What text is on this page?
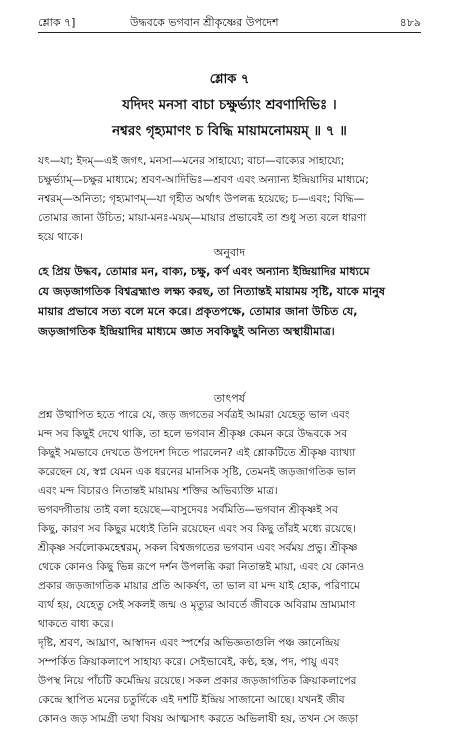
শ্লোক ৭]	উদ্ধবকে ভগবান শ্রীকৃষ্ণের উপদেশ	৪৮৯
শ্লোক ৭
যদিদং মনসা বাচা চক্ষুর্ভ্যাং শ্রবণাদিভিঃ ।
নশ্বরং গৃহ্যমাণং চ বিদ্ধি মায়ামনোময়ম্ ॥ ৭ ॥
যৎ—যা; ইদম্—এই জগৎ, মনসা—মনের সাহায্যে; বাচা—বাক্যের সাহায্যে;
চক্ষুর্ভ্যাম্—চক্ষুর মাধ্যমে; শ্রবণ-আদিভিঃ—শ্রবণ এবং অন্যান্য ইন্দ্রিয়াদির মাধ্যমে;
নশ্বরম্—অনিত্য; গৃহ্যমাণম্—যা গৃহীত অর্থাৎ উপলব্ধ হয়েছে; চ—এবং; বিদ্ধি—
তোমার জানা উচিত; মায়া-মনঃ-ময়ম্—মায়ার প্রভাবেই তা শুধু সত্য বলে ধারণা
হয়ে থাকে।
অনুবাদ
হে প্রিয় উদ্ধব, তোমার মন, বাক্য, চক্ষু, কর্ণ এবং অন্যান্য ইন্দ্রিয়াদির মাধ্যমে
যে জড়জাগতিক বিশ্বব্রহ্মাণ্ড লক্ষ্য করছ, তা নিত্যান্তই মায়াময় সৃষ্টি, যাকে মানুষ
মায়ার প্রভাবে সত্য বলে মনে করে। প্রকৃতপক্ষে, তোমার জানা উচিত যে,
জড়জাগতিক ইন্দ্রিয়াদির মাধ্যমে জ্ঞাত সবকিছুই অনিত্য অস্থায়ীমাত্র।
তাৎপর্য
প্রশ্ন উত্থাপিত হতে পারে যে, জড় জগতের সর্বত্রই আমরা যেহেতু ভাল এবং
মন্দ সব কিছুই দেখে থাকি, তা হলে ভগবান শ্রীকৃষ্ণ কেমন করে উদ্ধবকে সব
কিছুই সমভাবে দেখতে উপদেশ দিতে পারলেন? এই শ্লোকটিতে শ্রীকৃষ্ণ ব্যাখ্যা
করেছেন যে, স্বপ্ন যেমন এক ধরনের মানসিক সৃষ্টি, তেমনই জড়জাগতিক ভাল
এবং মন্দ বিচারও নিতান্তই মায়াময় শক্তির অভিব্যক্তি মাত্র।
ভগবদ্গীতায় তাই বলা হয়েছে—বাসুদেবঃ সর্বমিতি—ভগবান শ্রীকৃষ্ণই সব
কিছু, কারণ সব কিছুর মধ্যেই তিনি রয়েছেন এবং সব কিছু তাঁরই মধ্যে রয়েছে।
শ্রীকৃষ্ণ সর্বলোকমহেশ্বরম্, সকল বিশ্বজগতের ভগবান এবং সর্বময় প্রভু। শ্রীকৃষ্ণ
থেকে কোনও কিছু ভিন্ন রূপে দর্শন উপলব্ধি করা নিতান্তই মায়া, এবং যে কোনও
প্রকার জড়জাগতিক মায়ার প্রতি আকর্ষণ, তা ভাল বা মন্দ যাই হোক, পরিণামে
ব্যর্থ হয়, যেহেতু সেই সকলই জন্ম ও মৃত্যুর আবর্তে জীবকে অবিরাম ভ্রাম্যমাণ
থাকতে বাধ্য করে।
দৃষ্টি, শ্রবণ, আঘ্রাণ, আস্বাদন এবং স্পর্শের অভিজ্ঞতাগুলি পঞ্চ জ্ঞানেন্দ্রিয়
সম্পর্কিত ক্রিয়াকলাপে সাহায্য করে। সেইভাবেই, কণ্ঠ, হস্ত, পদ, পায়ু এবং
উপস্থ নিয়ে পাঁচটি কর্মেন্দ্রিয় রয়েছে। সকল প্রকার জড়জাগতিক ক্রিয়াকলাপের
কেন্দ্রে স্থাপিত মনের চতুর্দিকে এই দশটি ইন্দ্রিয় সাজানো আছে। যখনই জীব
কোনও জড় সামগ্রী তথা বিষয় আত্মসাৎ করতে অভিলাষী হয়, তখন সে জড়া
